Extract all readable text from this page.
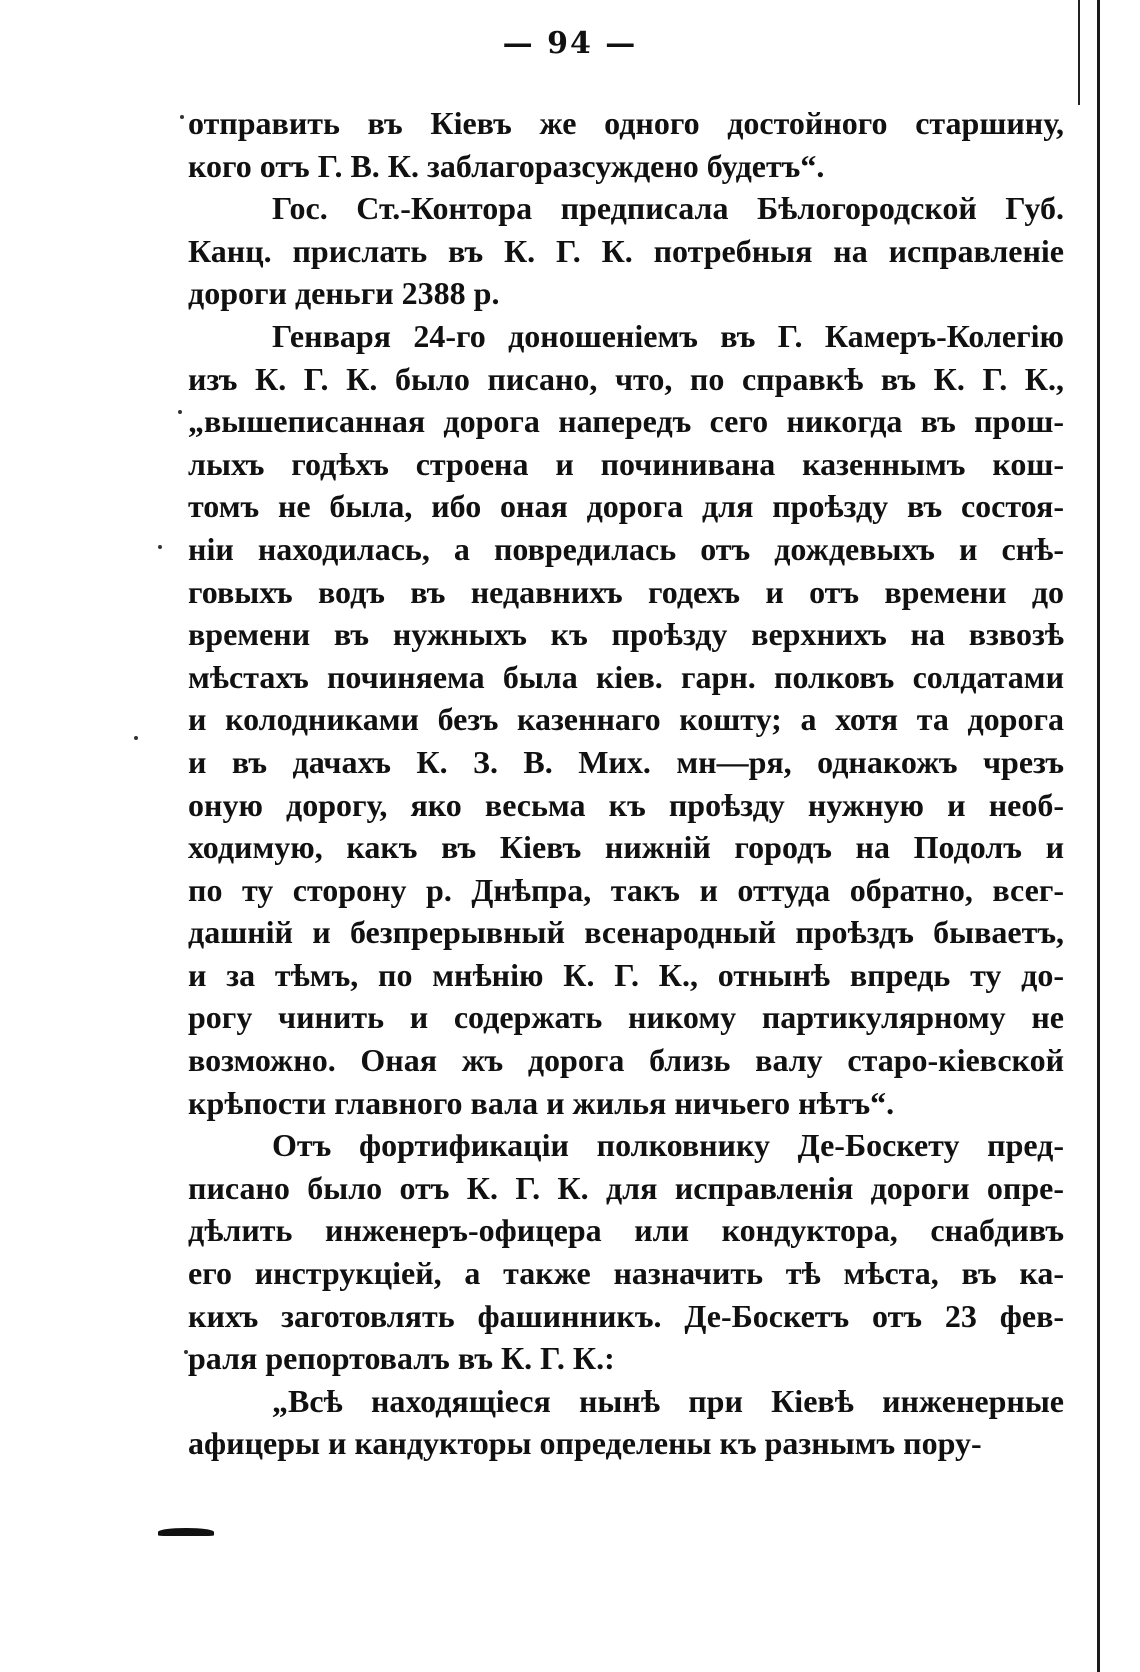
— 94 —
отправить въ Кіевъ же одного достойного старшину,
кого отъ Г. В. К. заблагоразсуждено будетъ“.
Гос. Ст.-Контора предписала Бѣлогородской Губ.
Канц. прислать въ К. Г. К. потребныя на исправленіе
дороги деньги 2388 р.
Генваря 24-го доношеніемъ въ Г. Камеръ-Колегію
изъ К. Г. К. было писано, что, по справкѣ въ К. Г. К.,
„вышеписанная дорога напередъ сего никогда въ прош-
лыхъ годѣхъ строена и починивана казеннымъ кош-
томъ не была, ибо оная дорога для проѣзду въ состоя-
ніи находилась, а повредилась отъ дождевыхъ и снѣ-
говыхъ водъ въ недавнихъ годехъ и отъ времени до
времени въ нужныхъ къ проѣзду верхнихъ на взвозѣ
мѣстахъ починяема была кіев. гарн. полковъ солдатами
и колодниками безъ казеннаго кошту; а хотя та дорога
и въ дачахъ К. З. В. Мих. мн—ря, однакожъ чрезъ
оную дорогу, яко весьма къ проѣзду нужную и необ-
ходимую, какъ въ Кіевъ нижній городъ на Подолъ и
по ту сторону р. Днѣпра, такъ и оттуда обратно, всег-
дашній и безпрерывный всенародный проѣздъ бываетъ,
и за тѣмъ, по мнѣнію К. Г. К., отнынѣ впредь ту до-
рогу чинить и содержать никому партикулярному не
возможно. Оная жъ дорога близь валу старо-кіевской
крѣпости главного вала и жилья ничьего нѣтъ“.
Отъ фортификаціи полковнику Де-Боскету пред-
писано было отъ К. Г. К. для исправленія дороги опре-
дѣлить инженеръ-офицера или кондуктора, снабдивъ
его инструкціей, а также назначить тѣ мѣста, въ ка-
кихъ заготовлять фашинникъ. Де-Боскетъ отъ 23 фев-
раля репортовалъ въ К. Г. К.:
„Всѣ находящіеся нынѣ при Кіевѣ инженерные
афицеры и кандукторы определены къ разнымъ пору-
